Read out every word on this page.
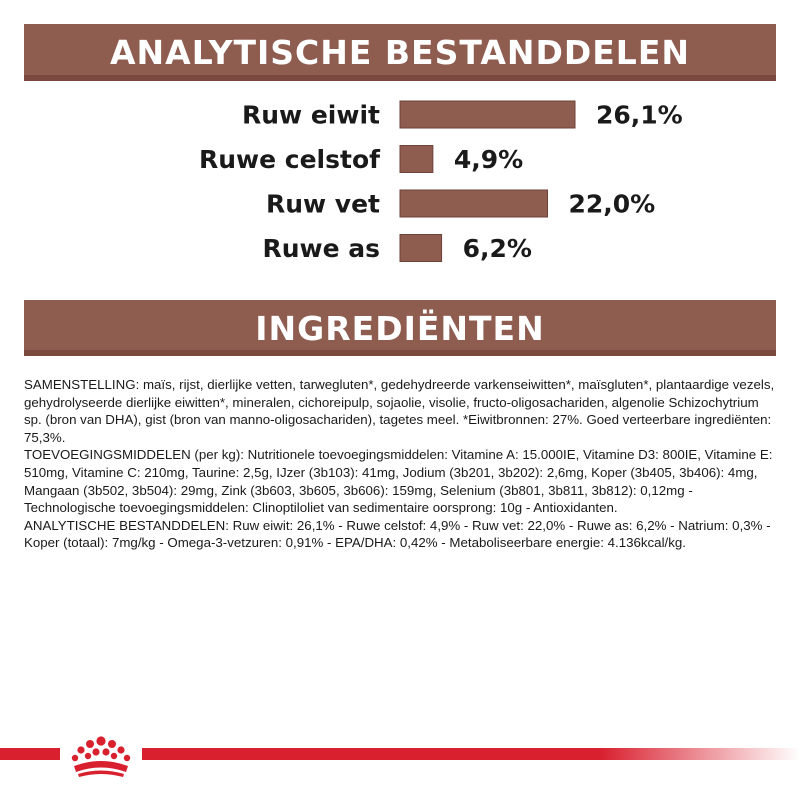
ANALYTISCHE BESTANDDELEN
Ruw eiwit	26,1%
Ruwe celstof	4,9%
Ruw vet	22,0%
Ruwe as	6,2%
INGREDIËNTEN

SAMENSTELLING: maïs, rijst, dierlijke vetten, tarwegluten*, gedehydreerde varkenseiwitten*, maïsgluten*, plantaardige vezels, gehydrolyseerde dierlijke eiwitten*, mineralen, cichoreipulp, sojaolie, visolie, fructo-oligosachariden, algenolie Schizochytrium sp. (bron van DHA), gist (bron van manno-oligosachariden), tagetes meel. *Eiwitbronnen: 27%. Goed verteerbare ingrediënten: 75,3%.

TOEVOEGINGSMIDDELEN (per kg): Nutritionele toevoegingsmiddelen: Vitamine A: 15.000IE, Vitamine D3: 800IE, Vitamine E: 510mg, Vitamine C: 210mg, Taurine: 2,5g, IJzer (3b103): 41mg, Jodium (3b201, 3b202): 2,6mg, Koper (3b405, 3b406): 4mg, Mangaan (3b502, 3b504): 29mg, Zink (3b603, 3b605, 3b606): 159mg, Selenium (3b801, 3b811, 3b812): 0,12mg - Technologische toevoegingsmiddelen: Clinoptiloliet van sedimentaire oorsprong: 10g - Antioxidanten.

ANALYTISCHE BESTANDDELEN: Ruw eiwit: 26,1% - Ruwe celstof: 4,9% - Ruw vet: 22,0% - Ruwe as: 6,2% - Natrium: 0,3% - Koper (totaal): 7mg/kg - Omega-3-vetzuren: 0,91% - EPA/DHA: 0,42% - Metaboliseerbare energie: 4.136kcal/kg.
